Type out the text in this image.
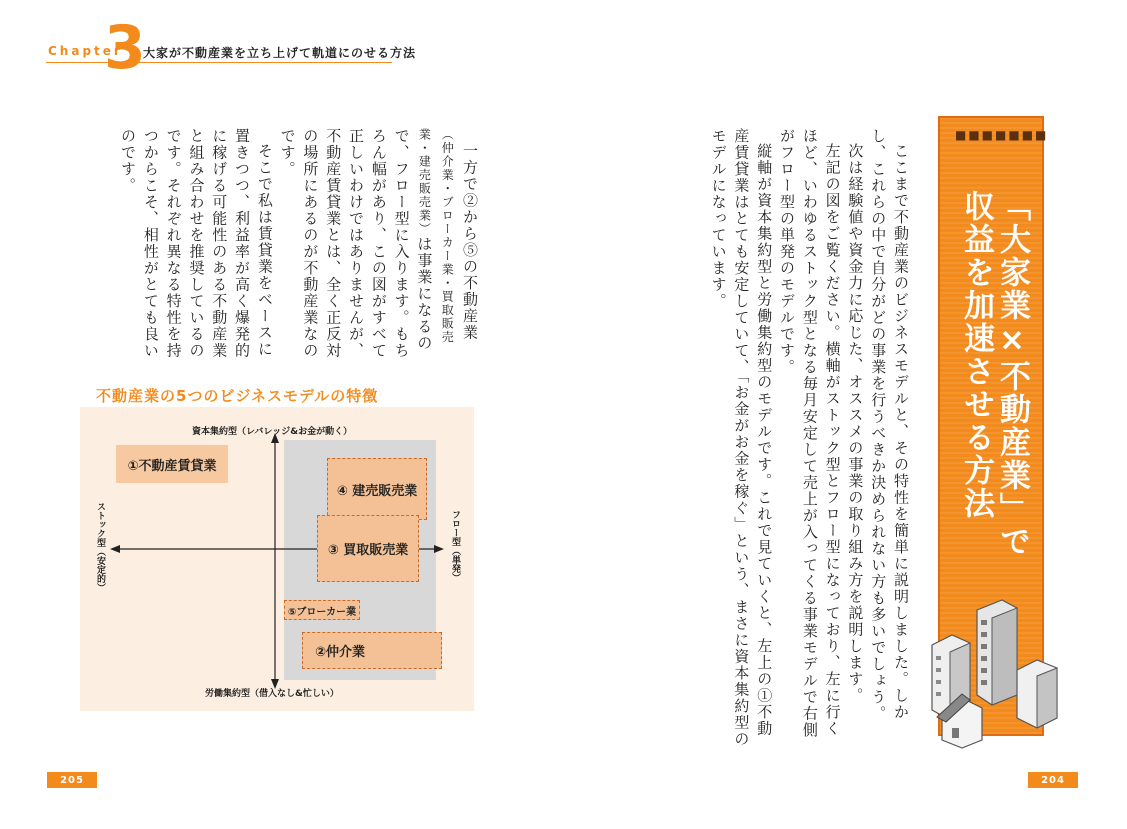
Chapter
3
大家が不動産業を立ち上げて軌道にのせる方法

一方で②から⑤の不動産業（仲介業・ブローカー業・買取販売業・建売販売業）は事業になるので、フロー型に入ります。もちろん幅があり、この図がすべて正しいわけではありませんが、不動産賃貸業とは、全く正反対の場所にあるのが不動産業なのです。

そこで私は賃貸業をベースに置きつつ、利益率が高く爆発的に稼げる可能性のある不動産業と組み合わせを推奨しているのです。それぞれ異なる特性を持つからこそ、相性がとても良いのです。

不動産業の5つのビジネスモデルの特徴
資本集約型（レバレッジ&お金が動く）
労働集約型（借入なし&忙しい）
ストック型（安定的）	フロー型（単発）
①不動産賃貸業
④ 建売販売業
③ 買取販売業
⑤ブローカー業
②仲介業	ここまで不動産業のビジネスモデルと、その特性を簡単に説明しました。しかし、これらの中で自分がどの事業を行うべきか決められない方も多いでしょう。

次は経験値や資金力に応じた、オススメの事業の取り組み方を説明します。

左記の図をご覧ください。横軸がストック型とフロー型になっており、左に行くほど、いわゆるストック型となる毎月安定して売上が入ってくる事業モデルで右側がフロー型の単発のモデルです。

縦軸が資本集約型と労働集約型のモデルです。これで見ていくと、左上の①不動産賃貸業はとても安定していて、「お金がお金を稼ぐ」という、まさに資本集約型のモデルになっています。	■■■■■■■
「大家業×不動産業」で収益を加速させる方法
205	204
